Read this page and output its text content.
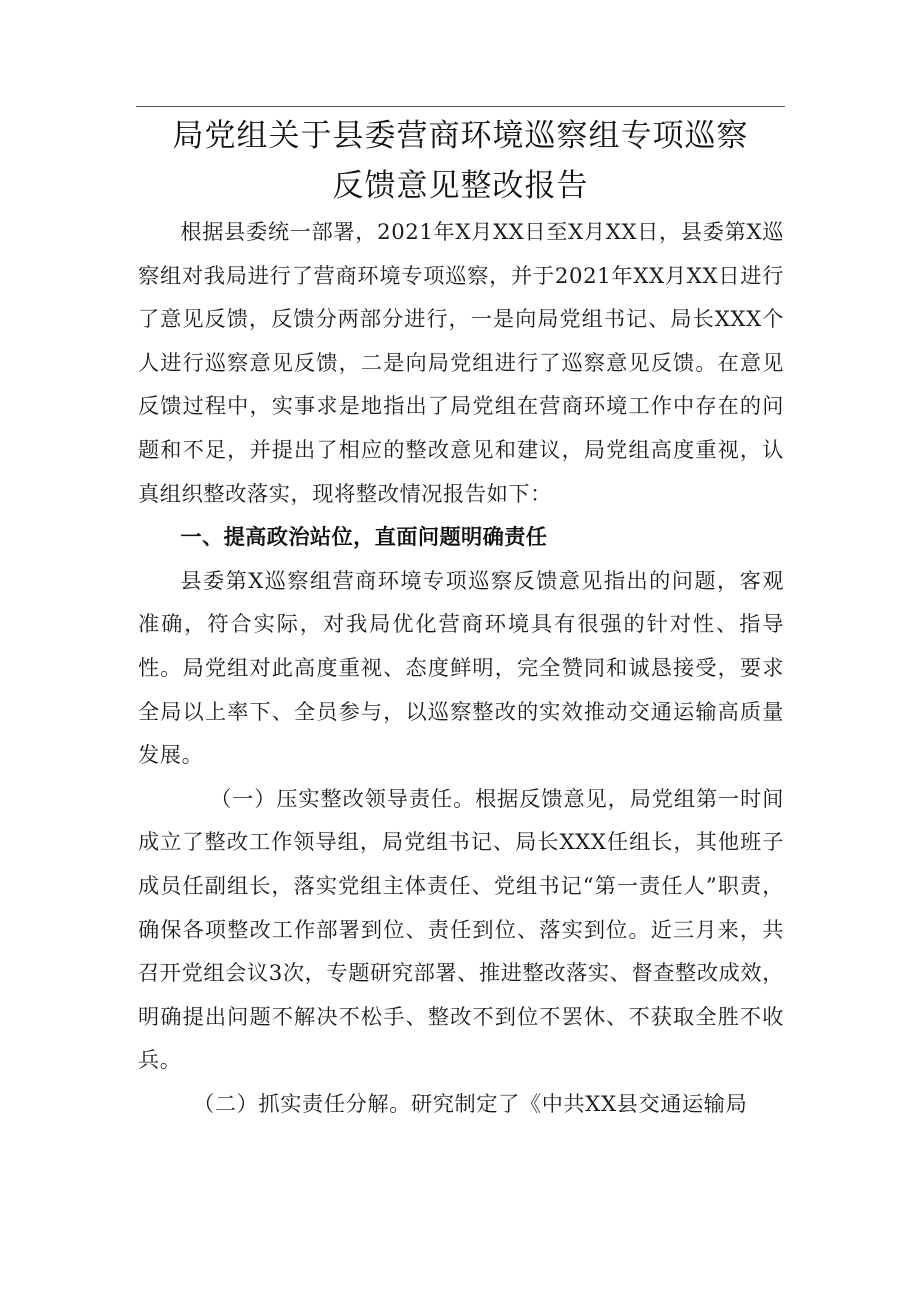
局党组关于县委营商环境巡察组专项巡察
反馈意见整改报告

根据县委统一部署，2021年X月XX日至X月XX日，县委第X巡察组对我局进行了营商环境专项巡察，并于2021年XX月XX日进行了意见反馈，反馈分两部分进行，一是向局党组书记、局长XXX个人进行巡察意见反馈，二是向局党组进行了巡察意见反馈。在意见反馈过程中，实事求是地指出了局党组在营商环境工作中存在的问题和不足，并提出了相应的整改意见和建议，局党组高度重视，认真组织整改落实，现将整改情况报告如下：

一、提高政治站位，直面问题明确责任

县委第X巡察组营商环境专项巡察反馈意见指出的问题，客观准确，符合实际，对我局优化营商环境具有很强的针对性、指导性。局党组对此高度重视、态度鲜明，完全赞同和诚恳接受，要求全局以上率下、全员参与，以巡察整改的实效推动交通运输高质量发展。

（一）压实整改领导责任。根据反馈意见，局党组第一时间成立了整改工作领导组，局党组书记、局长XXX任组长，其他班子成员任副组长，落实党组主体责任、党组书记“第一责任人”职责，确保各项整改工作部署到位、责任到位、落实到位。近三月来，共召开党组会议3次，专题研究部署、推进整改落实、督查整改成效，明确提出问题不解决不松手、整改不到位不罢休、不获取全胜不收兵。

（二）抓实责任分解。研究制定了《中共XX县交通运输局
